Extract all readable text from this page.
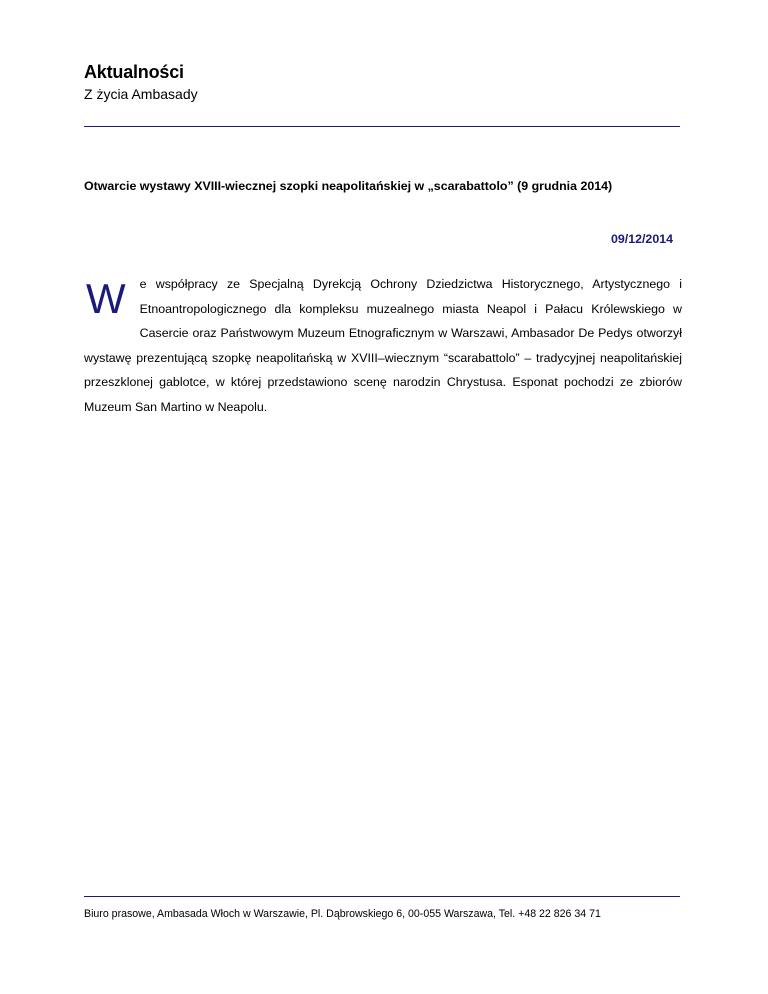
Aktualności
Z życia Ambasady
Otwarcie wystawy XVIII-wiecznej szopki neapolitańskiej w „scarabattolo” (9 grudnia 2014)
09/12/2014
W e współpracy ze Specjalną Dyrekcją Ochrony Dziedzictwa Historycznego, Artystycznego i Etnoantropologicznego dla kompleksu muzealnego miasta Neapol i Pałacu Królewskiego w Casercie oraz Państwowym Muzeum Etnograficznym w Warszawi, Ambasador De Pedys otworzył wystawę prezentującą szopkę neapolitańską w XVIII–wiecznym “scarabattolo” – tradycyjnej neapolitańskiej przeszklonej gablotce, w której przedstawiono scenę narodzin Chrystusa. Esponat pochodzi ze zbiorów Muzeum San Martino w Neapolu.
Biuro prasowe, Ambasada Włoch w Warszawie, Pl. Dąbrowskiego 6, 00-055 Warszawa, Tel. +48 22 826 34 71
